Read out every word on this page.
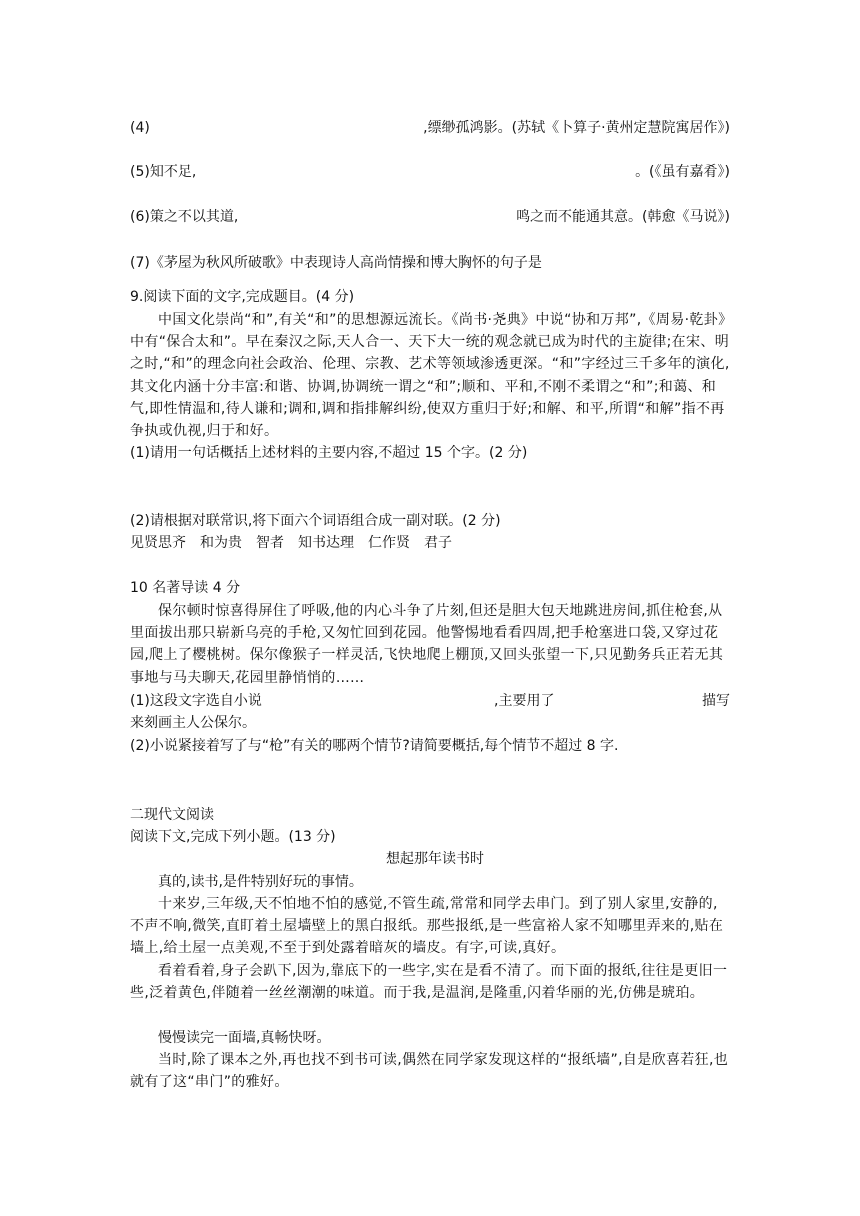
(4)	,缥缈孤鸿影。(苏轼《卜算子·黄州定慧院寓居作》)
(5)知不足,	。(《虽有嘉肴》)
(6)策之不以其道,	鸣之而不能通其意。(韩愈《马说》)
(7)《茅屋为秋风所破歌》中表现诗人高尚情操和博大胸怀的句子是
9.阅读下面的文字,完成题目。(4 分)
中国文化崇尚“和”,有关“和”的思想源远流长。《尚书·尧典》中说“协和万邦”,《周易·乾卦》中有“保合太和”。早在秦汉之际,天人合一、天下大一统的观念就已成为时代的主旋律;在宋、明之时,“和”的理念向社会政治、伦理、宗教、艺术等领域渗透更深。“和”字经过三千多年的演化,其文化内涵十分丰富:和谐、协调,协调统一谓之“和”;顺和、平和,不刚不柔谓之“和”;和蔼、和气,即性情温和,待人谦和;调和,调和指排解纠纷,使双方重归于好;和解、和平,所谓“和解”指不再争执或仇视,归于和好。
(1)请用一句话概括上述材料的主要内容,不超过 15 个字。(2 分)
(2)请根据对联常识,将下面六个词语组合成一副对联。(2 分)
见贤思齐　和为贵　智者　知书达理　仁作贤　君子
10 名著导读 4 分
保尔顿时惊喜得屏住了呼吸,他的内心斗争了片刻,但还是胆大包天地跳进房间,抓住枪套,从里面拔出那只崭新乌亮的手枪,又匆忙回到花园。他警惕地看看四周,把手枪塞进口袋,又穿过花园,爬上了樱桃树。保尔像猴子一样灵活,飞快地爬上棚顶,又回头张望一下,只见勤务兵正若无其事地与马夫聊天,花园里静悄悄的……
(1)这段文字选自小说	,主要用了	描写
来刻画主人公保尔。
(2)小说紧接着写了与“枪”有关的哪两个情节?请简要概括,每个情节不超过 8 字.
二现代文阅读
阅读下文,完成下列小题。(13 分)
想起那年读书时
真的,读书,是件特别好玩的事情。
十来岁,三年级,天不怕地不怕的感觉,不管生疏,常常和同学去串门。到了别人家里,安静的,不声不响,微笑,直盯着土屋墙壁上的黑白报纸。那些报纸,是一些富裕人家不知哪里弄来的,贴在墙上,给土屋一点美观,不至于到处露着暗灰的墙皮。有字,可读,真好。
看着看着,身子会趴下,因为,靠底下的一些字,实在是看不清了。而下面的报纸,往往是更旧一些,泛着黄色,伴随着一丝丝潮潮的味道。而于我,是温润,是隆重,闪着华丽的光,仿佛是琥珀。
慢慢读完一面墙,真畅快呀。
当时,除了课本之外,再也找不到书可读,偶然在同学家发现这样的“报纸墙”,自是欣喜若狂,也就有了这“串门”的雅好。
